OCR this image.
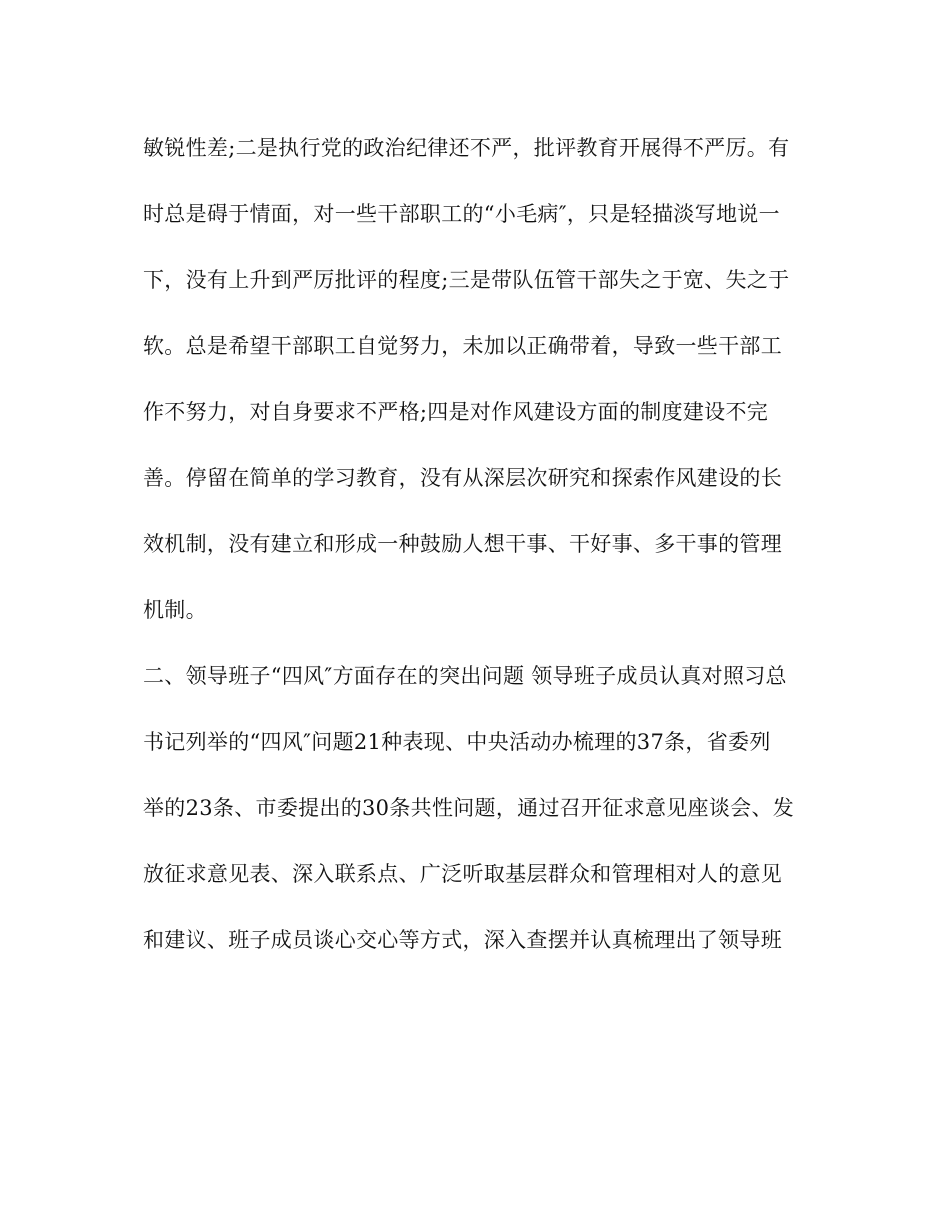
敏锐性差;二是执行党的政治纪律还不严，批评教育开展得不严厉。有
时总是碍于情面，对一些干部职工的“小毛病″，只是轻描淡写地说一
下，没有上升到严厉批评的程度;三是带队伍管干部失之于宽、失之于
软。总是希望干部职工自觉努力，未加以正确带着，导致一些干部工
作不努力，对自身要求不严格;四是对作风建设方面的制度建设不完
善。停留在简单的学习教育，没有从深层次研究和探索作风建设的长
效机制，没有建立和形成一种鼓励人想干事、干好事、多干事的管理
机制。
二、领导班子“四风″方面存在的突出问题 领导班子成员认真对照习总
书记列举的“四风″问题21种表现、中央活动办梳理的37条，省委列
举的23条、市委提出的30条共性问题，通过召开征求意见座谈会、发
放征求意见表、深入联系点、广泛听取基层群众和管理相对人的意见
和建议、班子成员谈心交心等方式，深入查摆并认真梳理出了领导班
